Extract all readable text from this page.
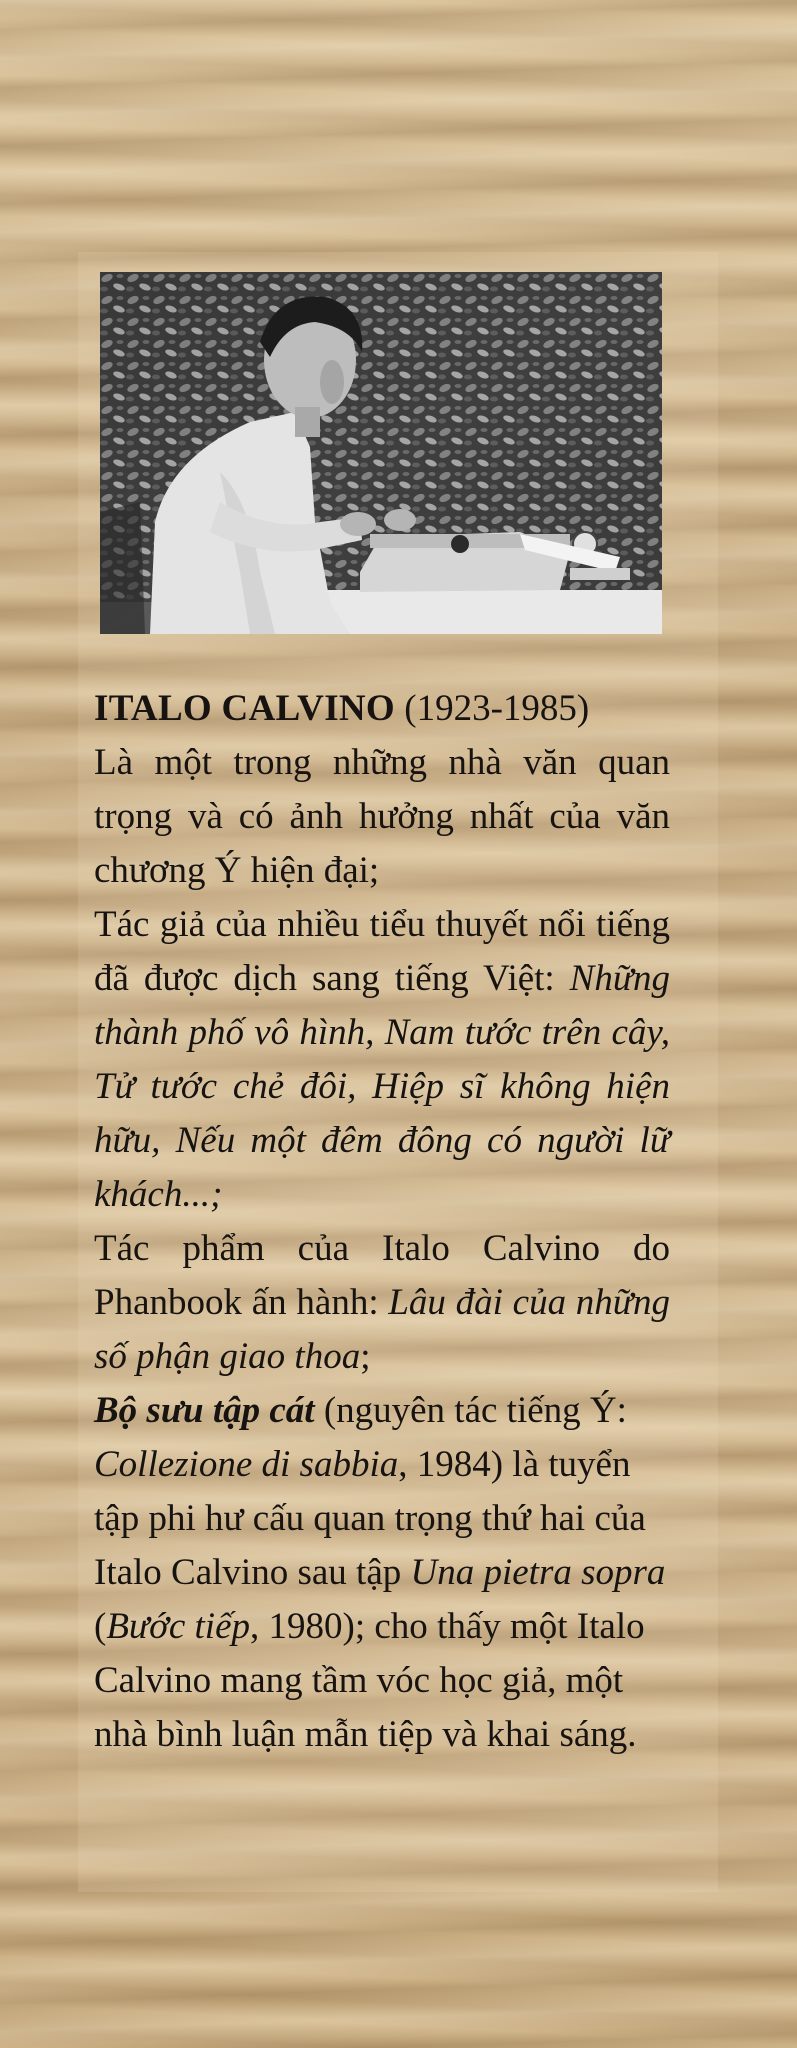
ITALO CALVINO (1923-1985)

Là một trong những nhà văn quan trọng và có ảnh hưởng nhất của văn chương Ý hiện đại;

Tác giả của nhiều tiểu thuyết nổi tiếng đã được dịch sang tiếng Việt: Những thành phố vô hình, Nam tước trên cây, Tử tước chẻ đôi, Hiệp sĩ không hiện hữu, Nếu một đêm đông có người lữ khách...;

Tác phẩm của Italo Calvino do Phanbook ấn hành: Lâu đài của những số phận giao thoa;

Bộ sưu tập cát (nguyên tác tiếng Ý: Collezione di sabbia, 1984) là tuyển tập phi hư cấu quan trọng thứ hai của Italo Calvino sau tập Una pietra sopra (Bước tiếp, 1980); cho thấy một Italo Calvino mang tầm vóc học giả, một nhà bình luận mẫn tiệp và khai sáng.
